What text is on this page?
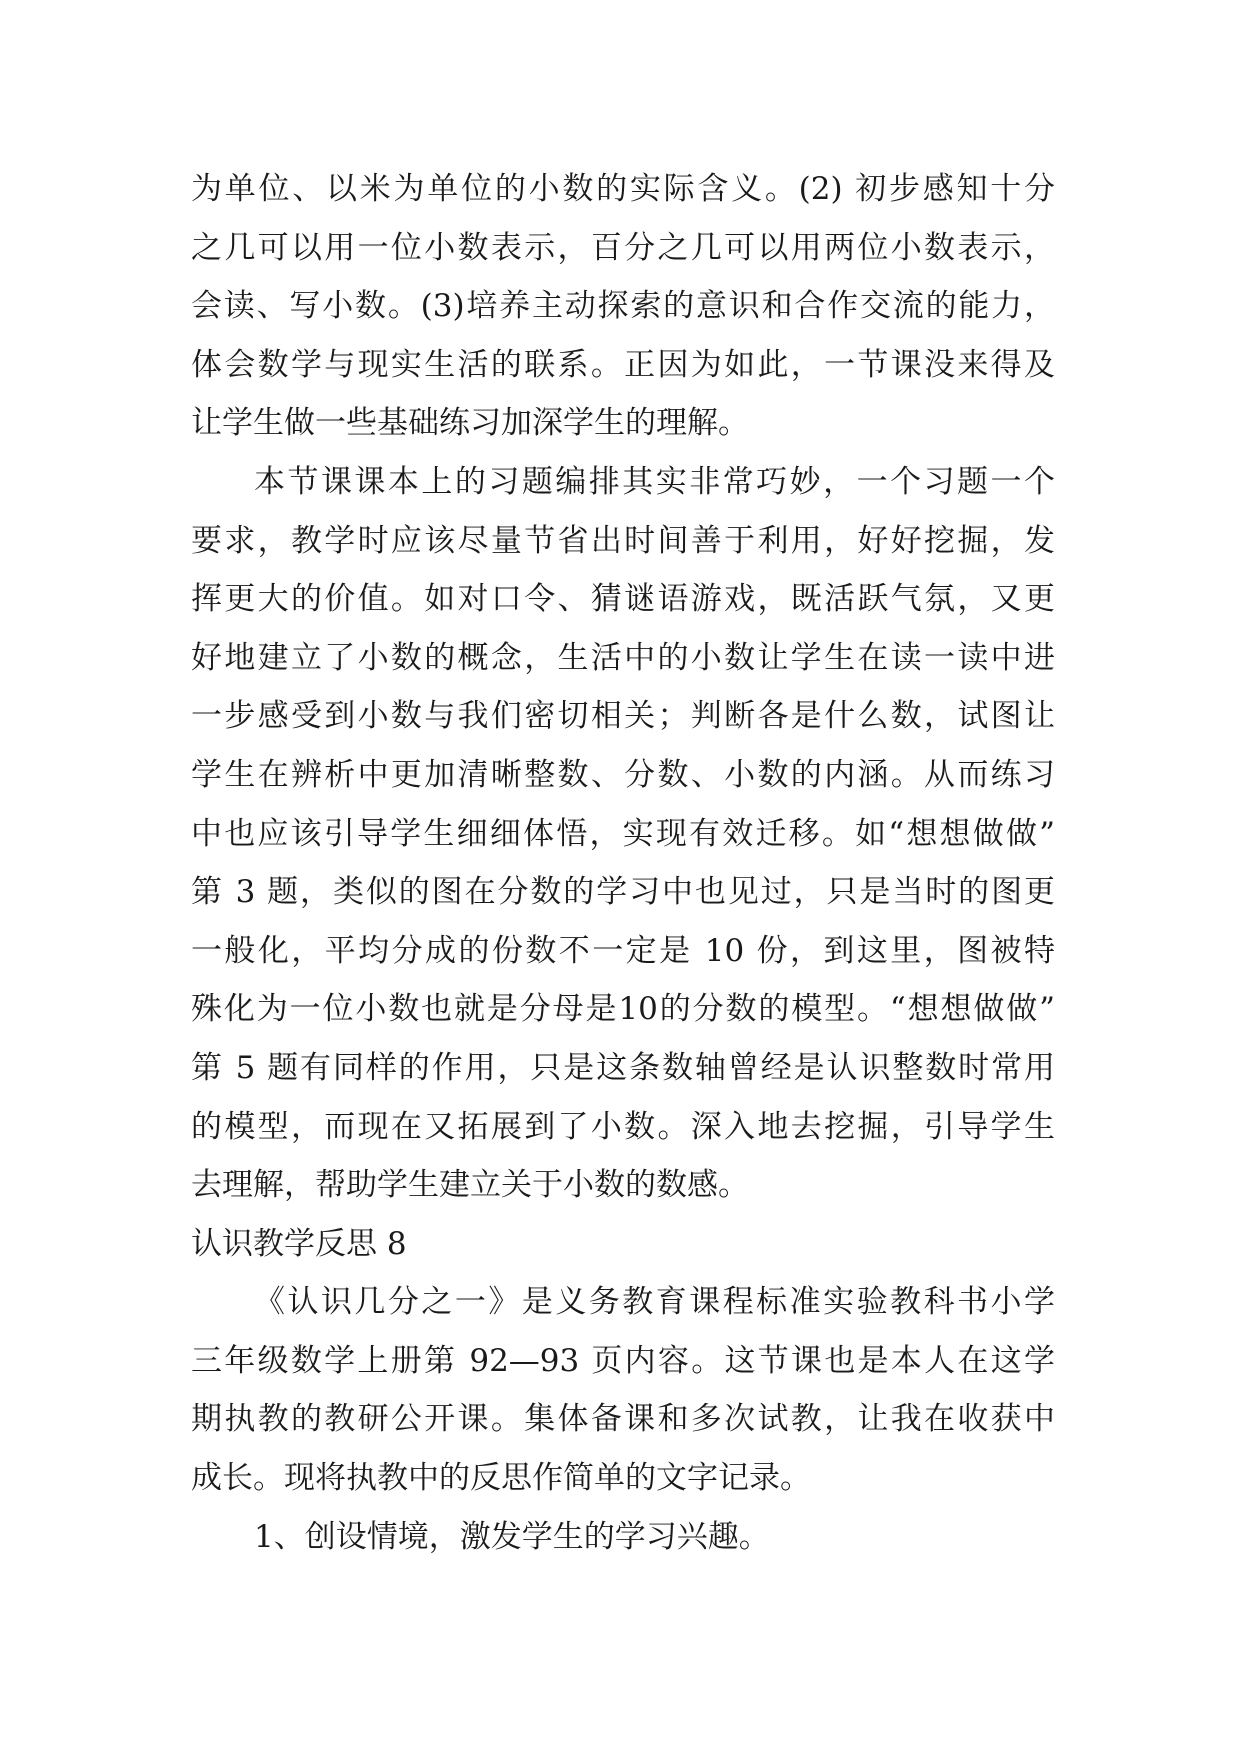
为单位、以米为单位的小数的实际含义。(2) 初步感知十分
之几可以用一位小数表示，百分之几可以用两位小数表示，
会读、写小数。(3)培养主动探索的意识和合作交流的能力，
体会数学与现实生活的联系。正因为如此，一节课没来得及
让学生做一些基础练习加深学生的理解。
本节课课本上的习题编排其实非常巧妙，一个习题一个
要求，教学时应该尽量节省出时间善于利用，好好挖掘，发
挥更大的价值。如对口令、猜谜语游戏，既活跃气氛，又更
好地建立了小数的概念，生活中的小数让学生在读一读中进
一步感受到小数与我们密切相关；判断各是什么数，试图让
学生在辨析中更加清晰整数、分数、小数的内涵。从而练习
中也应该引导学生细细体悟，实现有效迁移。如“想想做做”
第 3 题，类似的图在分数的学习中也见过，只是当时的图更
一般化，平均分成的份数不一定是 10 份，到这里，图被特
殊化为一位小数也就是分母是10的分数的模型。“想想做做”
第 5 题有同样的作用，只是这条数轴曾经是认识整数时常用
的模型，而现在又拓展到了小数。深入地去挖掘，引导学生
去理解，帮助学生建立关于小数的数感。
认识教学反思 8
《认识几分之一》是义务教育课程标准实验教科书小学
三年级数学上册第 92—93 页内容。这节课也是本人在这学
期执教的教研公开课。集体备课和多次试教，让我在收获中
成长。现将执教中的反思作简单的文字记录。
1、创设情境，激发学生的学习兴趣。
